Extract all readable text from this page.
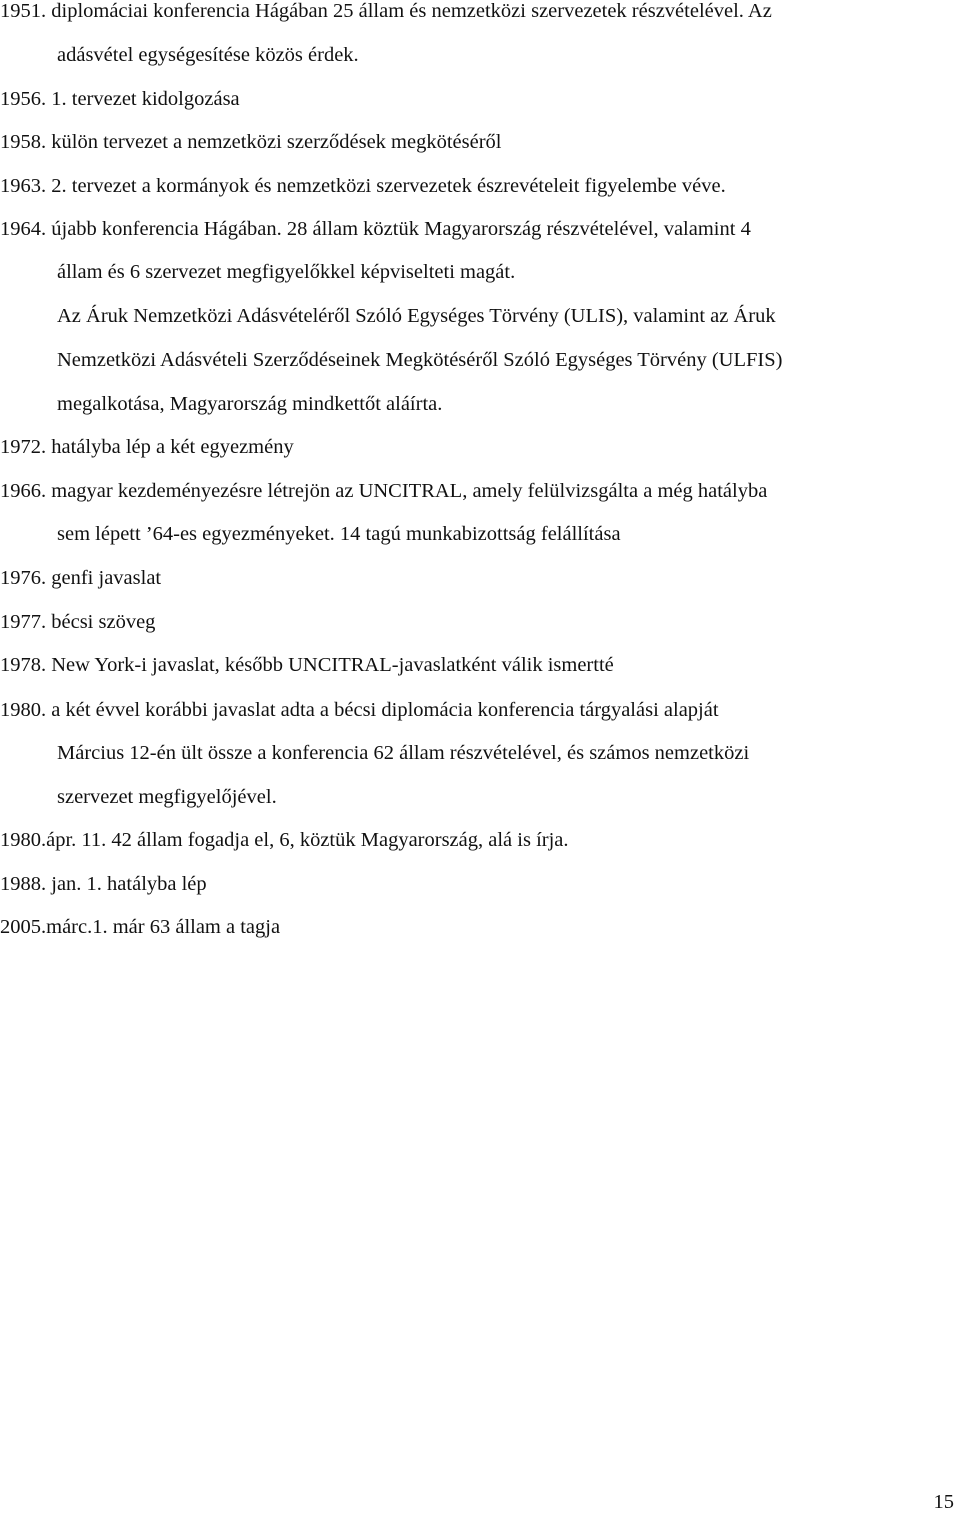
1951. diplomáciai konferencia Hágában 25 állam és nemzetközi szervezetek részvételével. Az
adásvétel egységesítése közös érdek.
1956. 1. tervezet kidolgozása
1958. külön tervezet a nemzetközi szerződések megkötéséről
1963. 2. tervezet a kormányok és nemzetközi szervezetek észrevételeit figyelembe véve.
1964. újabb konferencia Hágában. 28 állam köztük Magyarország részvételével, valamint 4
állam és 6 szervezet megfigyelőkkel képviselteti magát.
Az Áruk Nemzetközi Adásvételéről Szóló Egységes Törvény (ULIS), valamint az Áruk
Nemzetközi Adásvételi Szerződéseinek Megkötéséről Szóló Egységes Törvény (ULFIS)
megalkotása, Magyarország mindkettőt aláírta.
1972. hatályba lép a két egyezmény
1966. magyar kezdeményezésre létrejön az UNCITRAL, amely felülvizsgálta a még hatályba
sem lépett ’64-es egyezményeket. 14 tagú munkabizottság felállítása
1976. genfi javaslat
1977. bécsi szöveg
1978. New York-i javaslat, később UNCITRAL-javaslatként válik ismertté
1980. a két évvel korábbi javaslat adta a bécsi diplomácia konferencia tárgyalási alapját
Március 12-én ült össze a konferencia 62 állam részvételével, és számos nemzetközi
szervezet megfigyelőjével.
1980.ápr. 11. 42 állam fogadja el, 6, köztük Magyarország, alá is írja.
1988. jan. 1. hatályba lép
2005.márc.1. már 63 állam a tagja
15
